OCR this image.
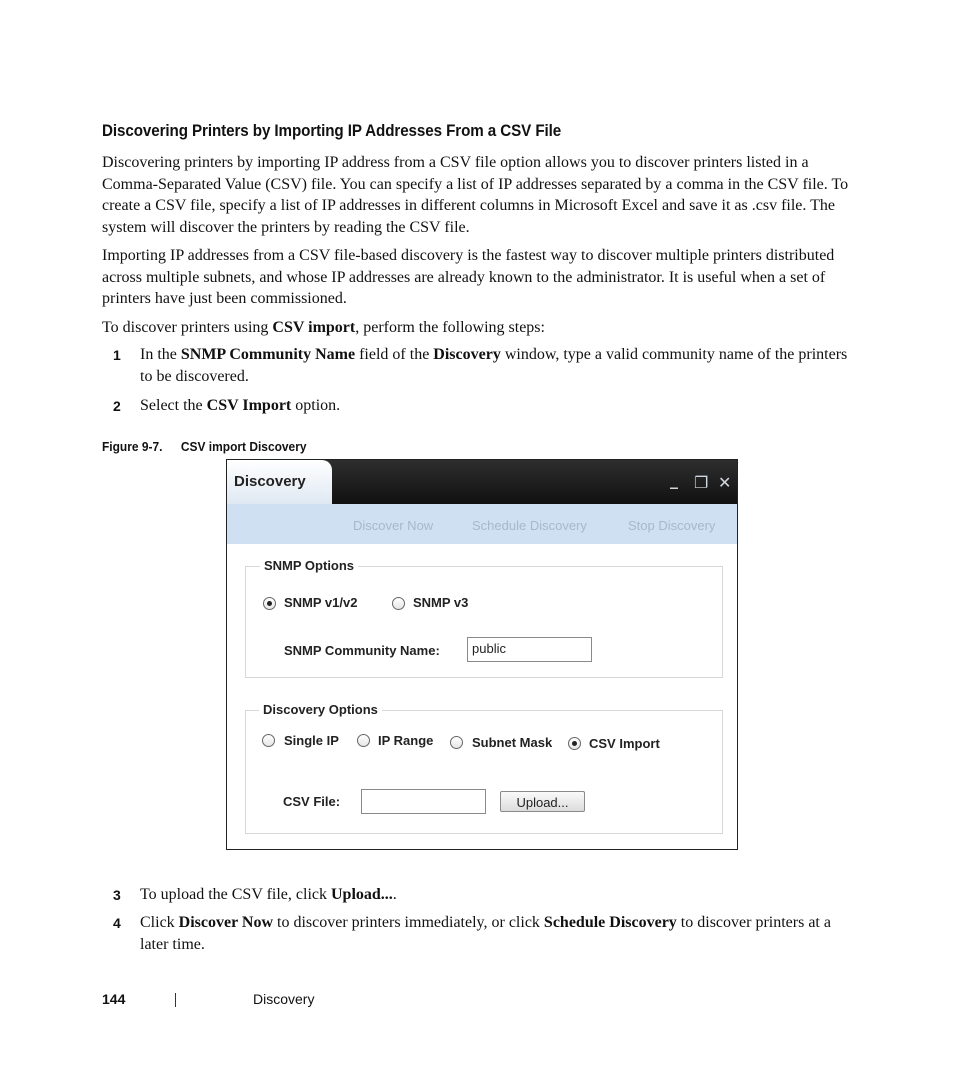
Discovering Printers by Importing IP Addresses From a CSV File
Discovering printers by importing IP address from a CSV file option allows you to discover printers listed in a Comma-Separated Value (CSV) file. You can specify a list of IP addresses separated by a comma in the CSV file. To create a CSV file, specify a list of IP addresses in different columns in Microsoft Excel and save it as .csv file. The system will discover the printers by reading the CSV file.
Importing IP addresses from a CSV file-based discovery is the fastest way to discover multiple printers distributed across multiple subnets, and whose IP addresses are already known to the administrator. It is useful when a set of printers have just been commissioned.
To discover printers using CSV import, perform the following steps:
1 In the SNMP Community Name field of the Discovery window, type a valid community name of the printers to be discovered.
2 Select the CSV Import option.
Figure 9-7. CSV import Discovery
Discovery	_ ❐ ✕
Discover Now	Schedule Discovery	Stop Discovery
SNMP Options
SNMP v1/v2	SNMP v3
SNMP Community Name:	public
Discovery Options
Single IP	IP Range	Subnet Mask	CSV Import
CSV File:	Upload...
3 To upload the CSV file, click Upload....
4 Click Discover Now to discover printers immediately, or click Schedule Discovery to discover printers at a later time.
144	Discovery
